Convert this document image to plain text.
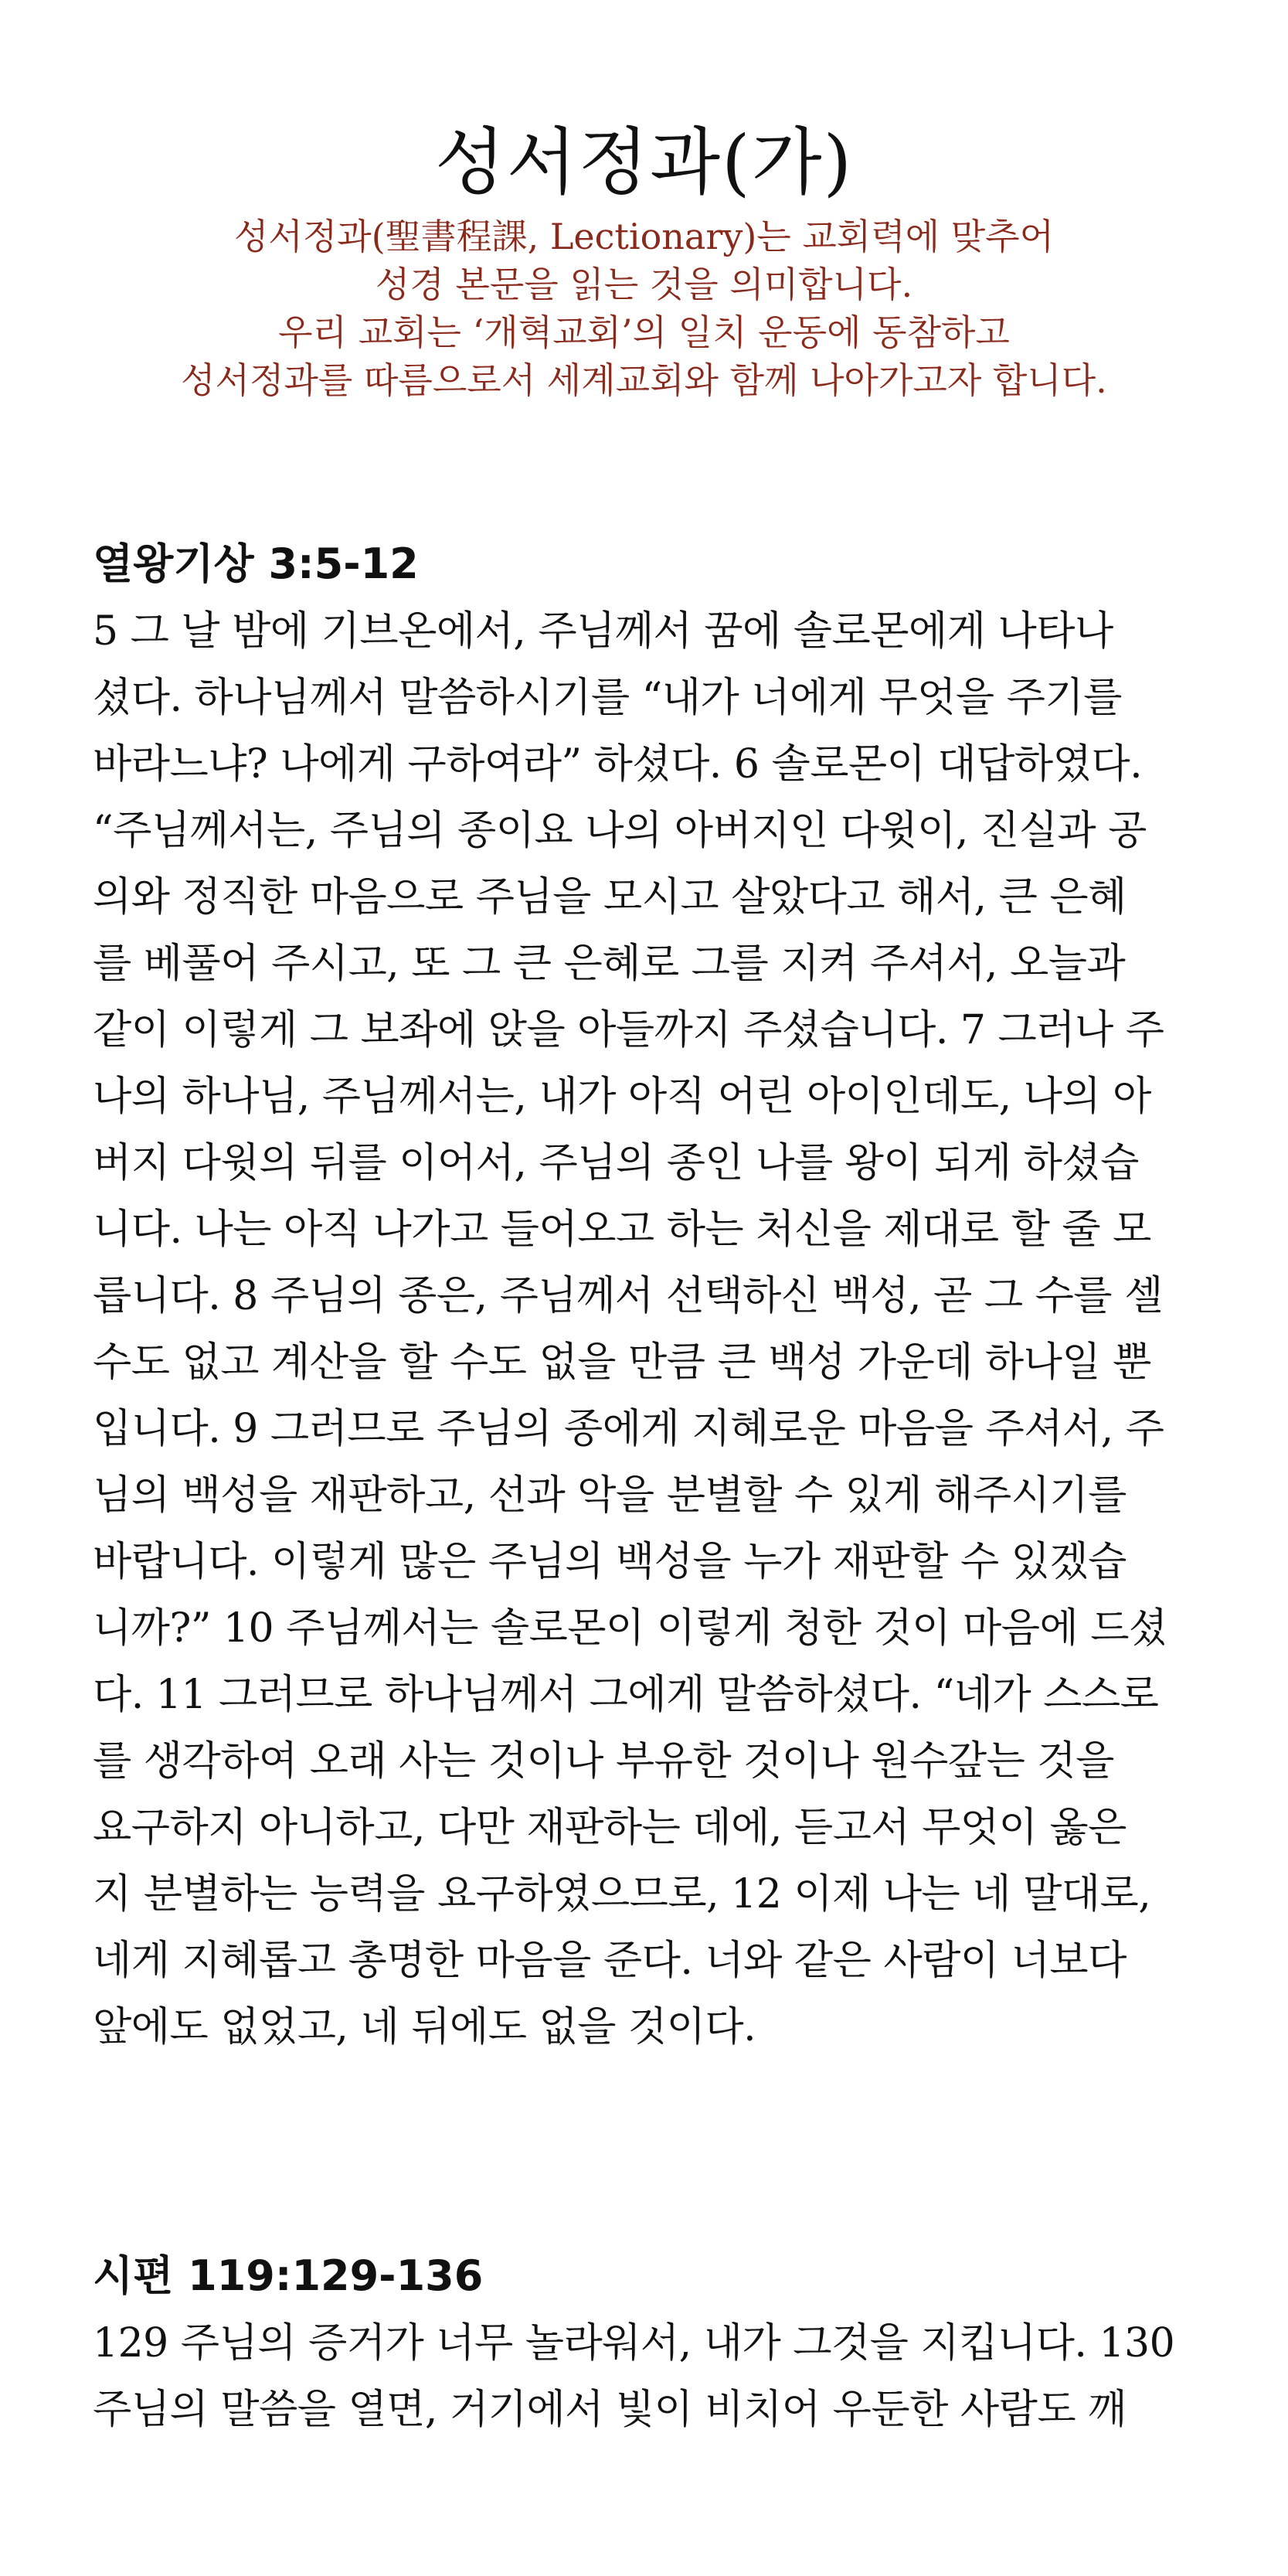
성서정과(가)
성서정과(聖書程課, Lectionary)는 교회력에 맞추어
성경 본문을 읽는 것을 의미합니다.
우리 교회는 ‘개혁교회’의 일치 운동에 동참하고
성서정과를 따름으로서 세계교회와 함께 나아가고자 합니다.
열왕기상 3:5-12
5 그 날 밤에 기브온에서, 주님께서 꿈에 솔로몬에게 나타나
셨다. 하나님께서 말씀하시기를 “내가 너에게 무엇을 주기를
바라느냐? 나에게 구하여라” 하셨다. 6 솔로몬이 대답하였다.
“주님께서는, 주님의 종이요 나의 아버지인 다윗이, 진실과 공
의와 정직한 마음으로 주님을 모시고 살았다고 해서, 큰 은혜
를 베풀어 주시고, 또 그 큰 은혜로 그를 지켜 주셔서, 오늘과
같이 이렇게 그 보좌에 앉을 아들까지 주셨습니다. 7 그러나 주
나의 하나님, 주님께서는, 내가 아직 어린 아이인데도, 나의 아
버지 다윗의 뒤를 이어서, 주님의 종인 나를 왕이 되게 하셨습
니다. 나는 아직 나가고 들어오고 하는 처신을 제대로 할 줄 모
릅니다. 8 주님의 종은, 주님께서 선택하신 백성, 곧 그 수를 셀
수도 없고 계산을 할 수도 없을 만큼 큰 백성 가운데 하나일 뿐
입니다. 9 그러므로 주님의 종에게 지혜로운 마음을 주셔서, 주
님의 백성을 재판하고, 선과 악을 분별할 수 있게 해주시기를
바랍니다. 이렇게 많은 주님의 백성을 누가 재판할 수 있겠습
니까?” 10 주님께서는 솔로몬이 이렇게 청한 것이 마음에 드셨
다. 11 그러므로 하나님께서 그에게 말씀하셨다. “네가 스스로
를 생각하여 오래 사는 것이나 부유한 것이나 원수갚는 것을
요구하지 아니하고, 다만 재판하는 데에, 듣고서 무엇이 옳은
지 분별하는 능력을 요구하였으므로, 12 이제 나는 네 말대로,
네게 지혜롭고 총명한 마음을 준다. 너와 같은 사람이 너보다
앞에도 없었고, 네 뒤에도 없을 것이다.
시편 119:129-136
129 주님의 증거가 너무 놀라워서, 내가 그것을 지킵니다. 130
주님의 말씀을 열면, 거기에서 빛이 비치어 우둔한 사람도 깨
